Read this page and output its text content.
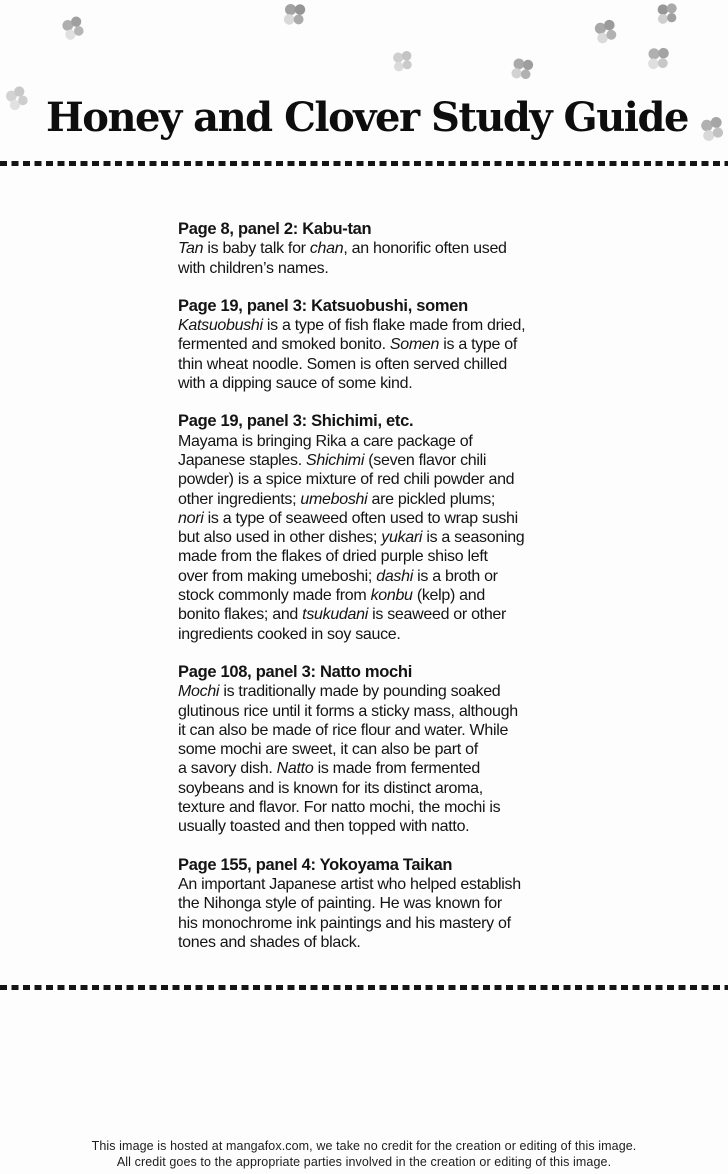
Honey and Clover Study Guide
Page 8, panel 2: Kabu-tan
Tan is baby talk for chan, an honorific often used
with children’s names.
Page 19, panel 3: Katsuobushi, somen
Katsuobushi is a type of fish flake made from dried,
fermented and smoked bonito. Somen is a type of
thin wheat noodle. Somen is often served chilled
with a dipping sauce of some kind.
Page 19, panel 3: Shichimi, etc.
Mayama is bringing Rika a care package of
Japanese staples. Shichimi (seven flavor chili
powder) is a spice mixture of red chili powder and
other ingredients; umeboshi are pickled plums;
nori is a type of seaweed often used to wrap sushi
but also used in other dishes; yukari is a seasoning
made from the flakes of dried purple shiso left
over from making umeboshi; dashi is a broth or
stock commonly made from konbu (kelp) and
bonito flakes; and tsukudani is seaweed or other
ingredients cooked in soy sauce.
Page 108, panel 3: Natto mochi
Mochi is traditionally made by pounding soaked
glutinous rice until it forms a sticky mass, although
it can also be made of rice flour and water. While
some mochi are sweet, it can also be part of
a savory dish. Natto is made from fermented
soybeans and is known for its distinct aroma,
texture and flavor. For natto mochi, the mochi is
usually toasted and then topped with natto.
Page 155, panel 4: Yokoyama Taikan
An important Japanese artist who helped establish
the Nihonga style of painting. He was known for
his monochrome ink paintings and his mastery of
tones and shades of black.
This image is hosted at mangafox.com, we take no credit for the creation or editing of this image.
All credit goes to the appropriate parties involved in the creation or editing of this image.
